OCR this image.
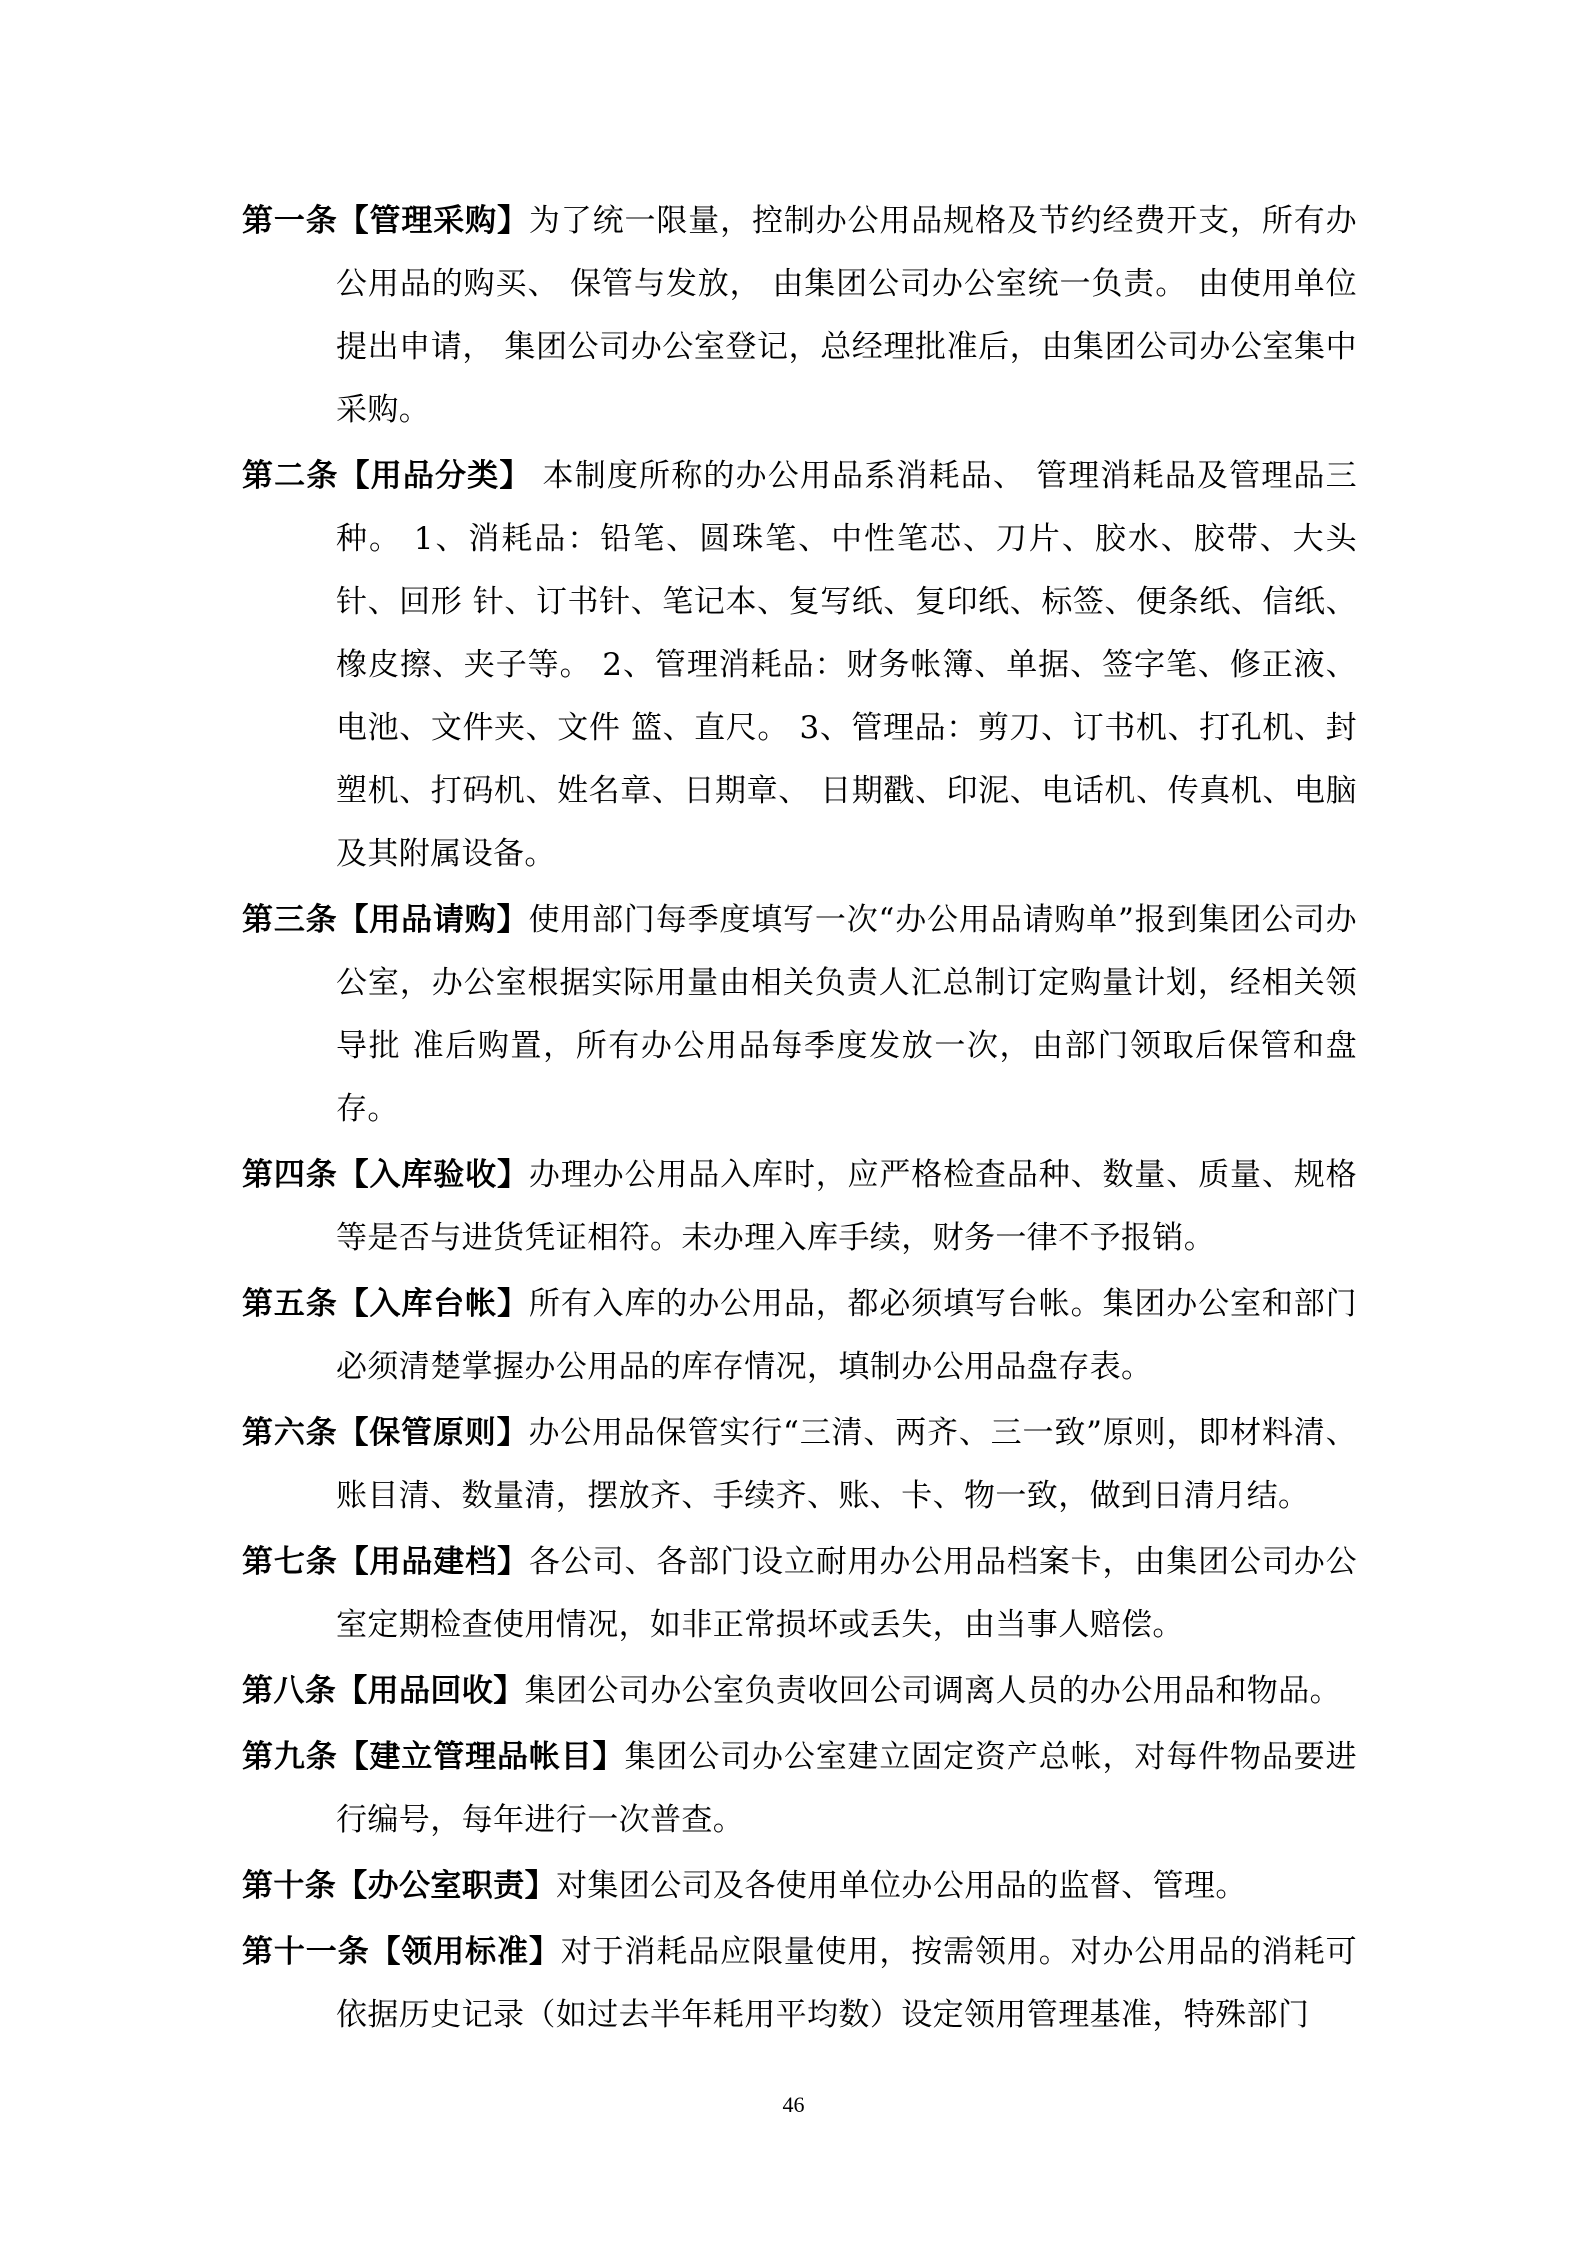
第一条【管理采购】为了统一限量，控制办公用品规格及节约经费开支，所有办公用品的购买、 保管与发放， 由集团公司办公室统一负责。 由使用单位提出申请， 集团公司办公室登记，总经理批准后，由集团公司办公室集中采购。

第二条【用品分类】 本制度所称的办公用品系消耗品、 管理消耗品及管理品三种。 1、消耗品：铅笔、圆珠笔、中性笔芯、刀片、胶水、胶带、大头针、回形 针、订书针、笔记本、复写纸、复印纸、标签、便条纸、信纸、橡皮擦、夹子等。 2、管理消耗品：财务帐簿、单据、签字笔、修正液、电池、文件夹、文件 篮、直尺。 3、管理品：剪刀、订书机、打孔机、封塑机、打码机、姓名章、日期章、 日期戳、印泥、电话机、传真机、电脑及其附属设备。

第三条【用品请购】使用部门每季度填写一次“办公用品请购单”报到集团公司办公室，办公室根据实际用量由相关负责人汇总制订定购量计划，经相关领导批 准后购置，所有办公用品每季度发放一次，由部门领取后保管和盘存。

第四条【入库验收】办理办公用品入库时，应严格检查品种、数量、质量、规格等是否与进货凭证相符。未办理入库手续，财务一律不予报销。

第五条【入库台帐】所有入库的办公用品，都必须填写台帐。集团办公室和部门必须清楚掌握办公用品的库存情况，填制办公用品盘存表。

第六条【保管原则】办公用品保管实行“三清、两齐、三一致”原则，即材料清、账目清、数量清，摆放齐、手续齐、账、卡、物一致，做到日清月结。

第七条【用品建档】各公司、各部门设立耐用办公用品档案卡，由集团公司办公室定期检查使用情况，如非正常损坏或丢失，由当事人赔偿。

第八条【用品回收】集团公司办公室负责收回公司调离人员的办公用品和物品。

第九条【建立管理品帐目】集团公司办公室建立固定资产总帐，对每件物品要进行编号，每年进行一次普查。

第十条【办公室职责】对集团公司及各使用单位办公用品的监督、管理。

第十一条【领用标准】对于消耗品应限量使用，按需领用。对办公用品的消耗可依据历史记录（如过去半年耗用平均数）设定领用管理基准，特殊部门

46
